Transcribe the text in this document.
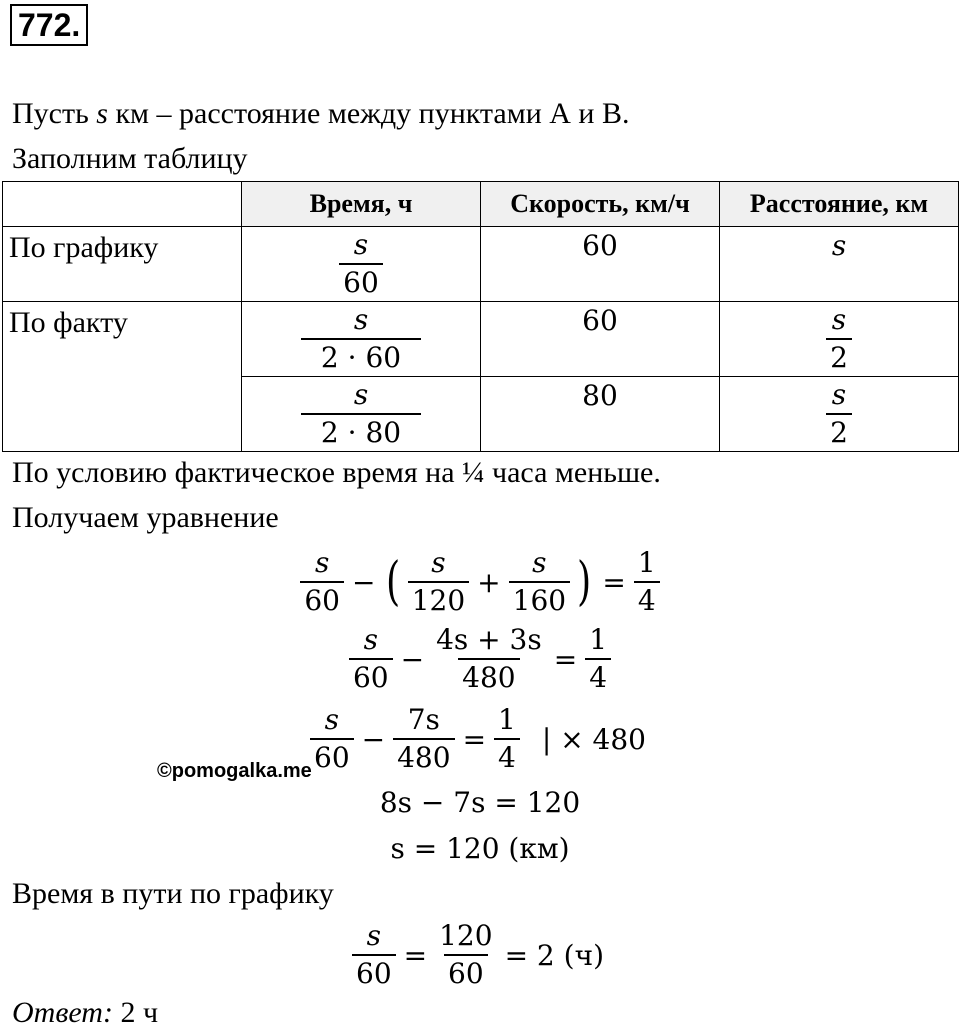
772.
Пусть s км – расстояние между пунктами А и В.
Заполним таблицу
	Время, ч	Скорость, км/ч	Расстояние, км
По графику	$\frac{s}{60}$	60	s

По факту	$\frac{s}{2 \cdot 60}$	60	$\frac{s}{2}$

	$\frac{s}{2 \cdot 80}$	80	$\frac{s}{2}$
По условию фактическое время на ¼ часа меньше.
Получаем уравнение
$\frac{s}{60}$ − ( $\frac{s}{120} + \frac{s}{160}$ ) = $\frac{1}{4}$
$\frac{s}{60} - \frac{4s + 3s}{480} = \frac{1}{4}$
$\frac{s}{60} - \frac{7s}{480} = \frac{1}{4}$ | × 480
©pomogalka.me
8s − 7s = 120
s = 120 (км)
Время в пути по графику
$\frac{s}{60} = \frac{120}{60} = 2$ (ч)
Ответ: 2 ч
